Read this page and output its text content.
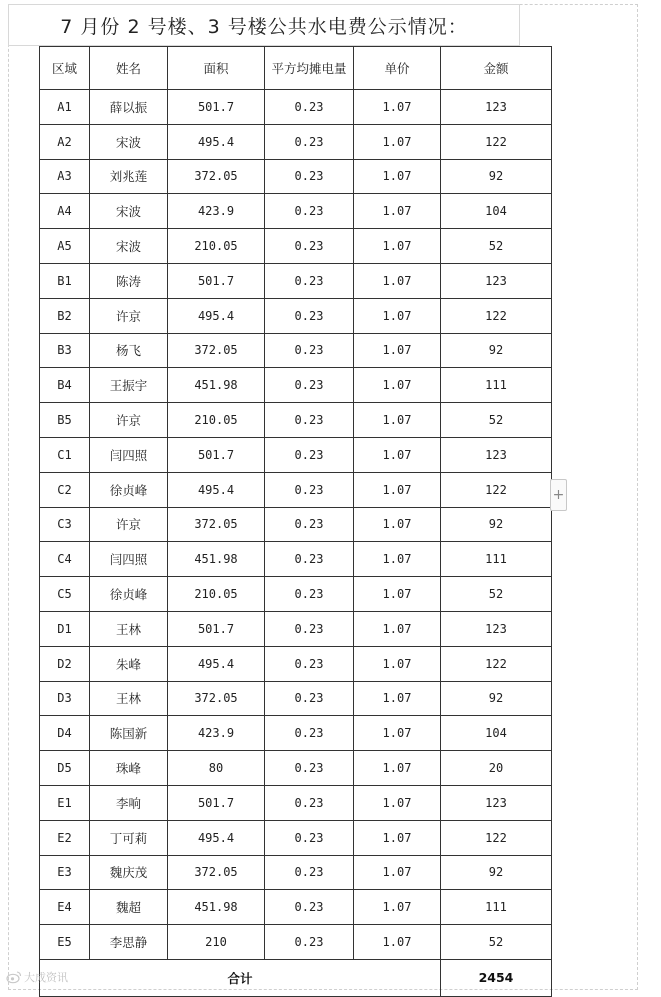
7 月份 2 号楼、3 号楼公共水电费公示情况：
区域	姓名	面积	平方均摊电量	单价	金额
A1	薛以振	501.7	0.23	1.07	123
A2	宋波	495.4	0.23	1.07	122
A3	刘兆莲	372.05	0.23	1.07	92
A4	宋波	423.9	0.23	1.07	104
A5	宋波	210.05	0.23	1.07	52
B1	陈涛	501.7	0.23	1.07	123
B2	许京	495.4	0.23	1.07	122
B3	杨飞	372.05	0.23	1.07	92
B4	王振宇	451.98	0.23	1.07	111
B5	许京	210.05	0.23	1.07	52
C1	闫四照	501.7	0.23	1.07	123
C2	徐贞峰	495.4	0.23	1.07	122
C3	许京	372.05	0.23	1.07	92
C4	闫四照	451.98	0.23	1.07	111
C5	徐贞峰	210.05	0.23	1.07	52
D1	王林	501.7	0.23	1.07	123
D2	朱峰	495.4	0.23	1.07	122
D3	王林	372.05	0.23	1.07	92
D4	陈国新	423.9	0.23	1.07	104
D5	珠峰	80	0.23	1.07	20
E1	李响	501.7	0.23	1.07	123
E2	丁可莉	495.4	0.23	1.07	122
E3	魏庆茂	372.05	0.23	1.07	92
E4	魏超	451.98	0.23	1.07	111
E5	李思静	210	0.23	1.07	52
合计					2454
+
大成资讯
